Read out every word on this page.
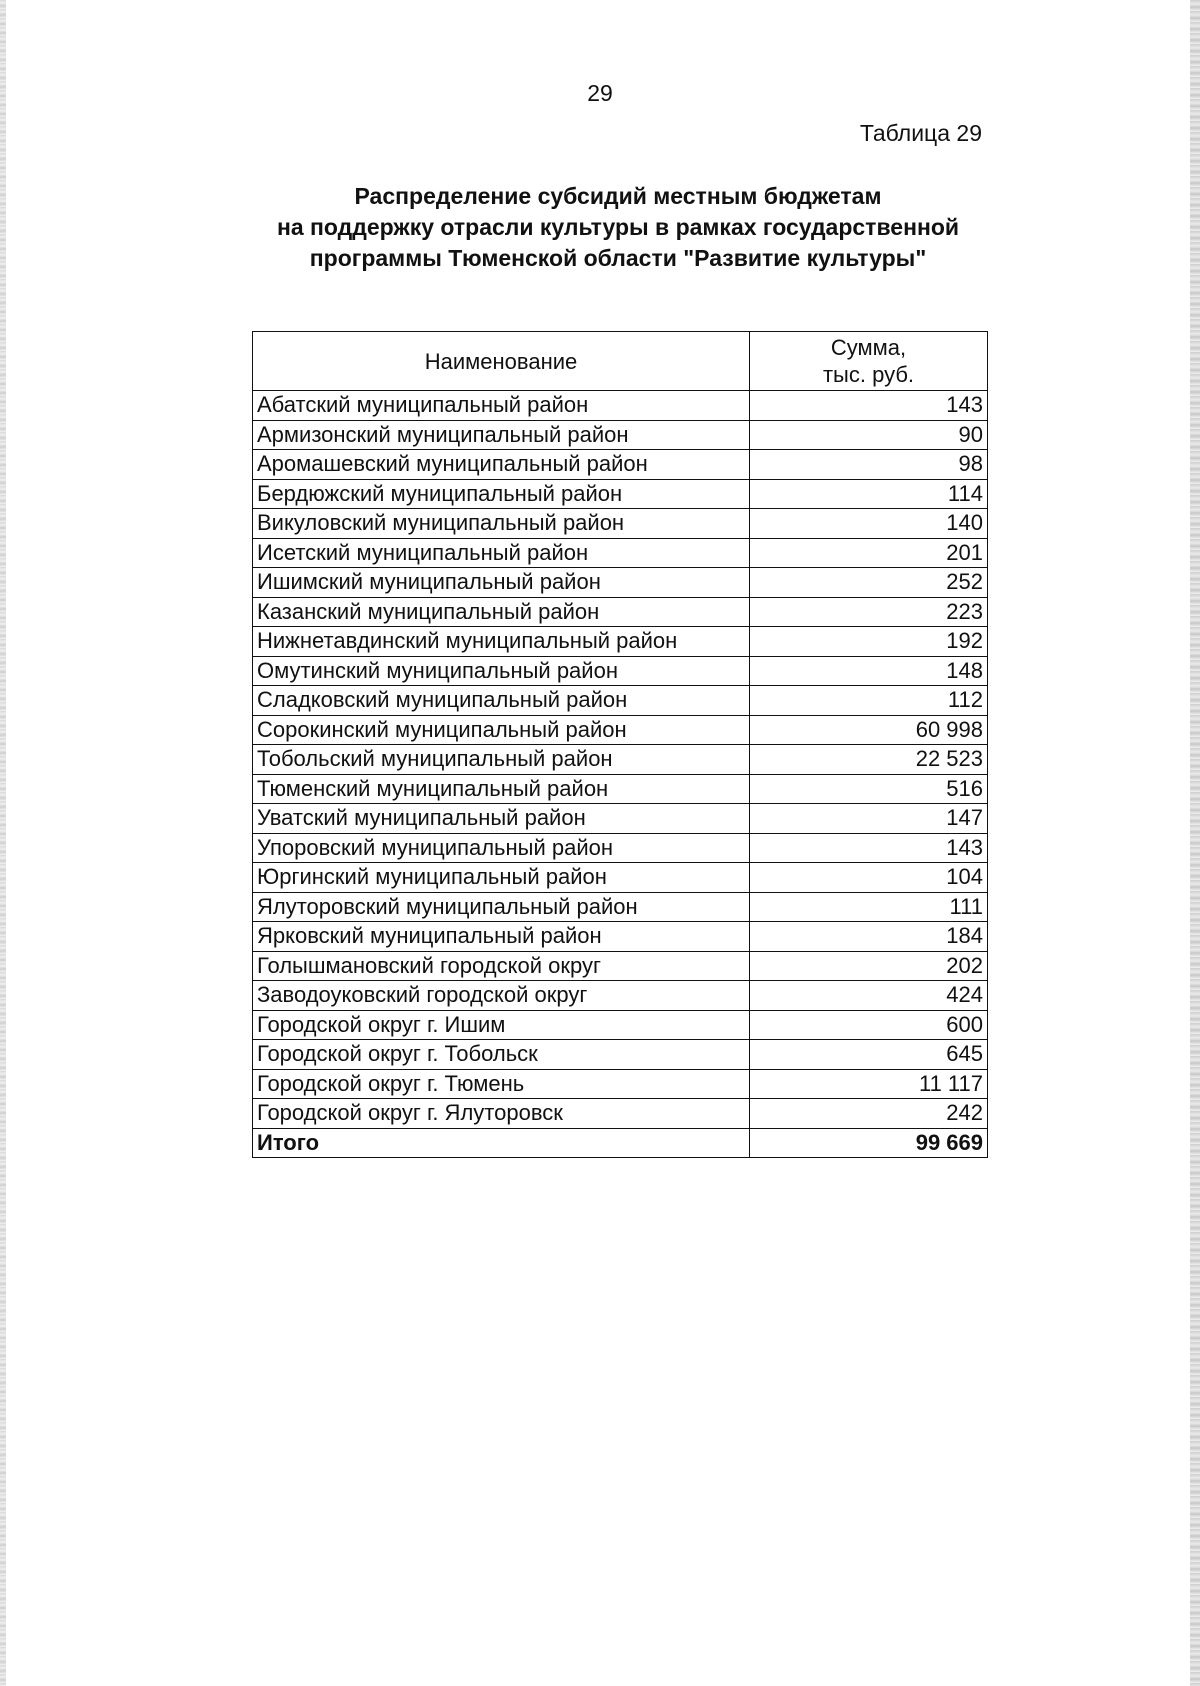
29
Таблица 29
Распределение субсидий местным бюджетам
на поддержку отрасли культуры в рамках государственной
программы Тюменской области "Развитие культуры"
Наименование	Сумма,
тыс. руб.

Абатский муниципальный район	143
Армизонский муниципальный район	90
Аромашевский муниципальный район	98
Бердюжский муниципальный район	114
Викуловский муниципальный район	140
Исетский муниципальный район	201
Ишимский муниципальный район	252
Казанский муниципальный район	223
Нижнетавдинский муниципальный район	192
Омутинский муниципальный район	148
Сладковский муниципальный район	112
Сорокинский муниципальный район	60 998
Тобольский муниципальный район	22 523
Тюменский муниципальный район	516
Уватский муниципальный район	147
Упоровский муниципальный район	143
Юргинский муниципальный район	104
Ялуторовский муниципальный район	111
Ярковский муниципальный район	184
Голышмановский городской округ	202
Заводоуковский городской округ	424
Городской округ г. Ишим	600
Городской округ г. Тобольск	645
Городской округ г. Тюмень	11 117
Городской округ г. Ялуторовск	242
Итого	99 669
